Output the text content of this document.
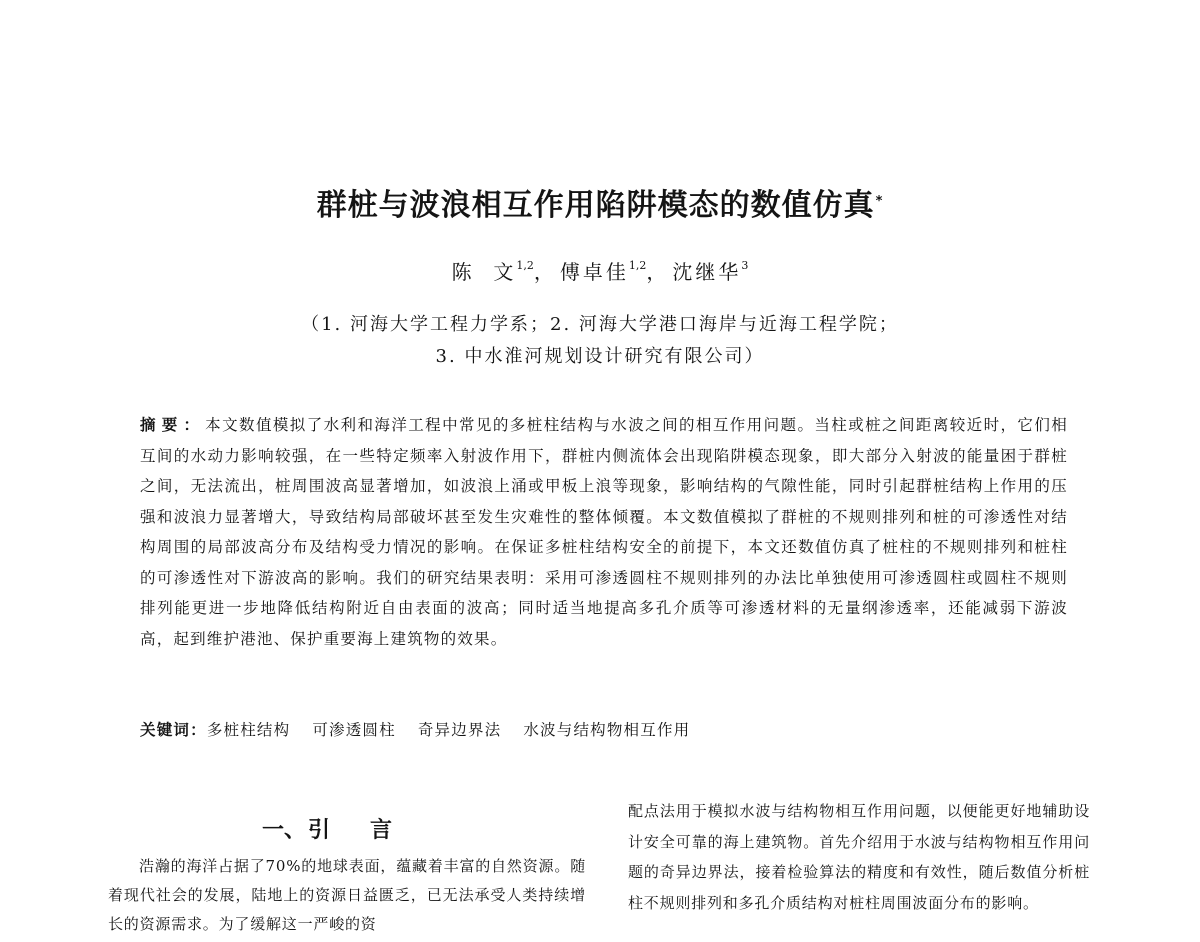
群桩与波浪相互作用陷阱模态的数值仿真*
陈  文$^{1,2}$，傅卓佳$^{1,2}$，沈继华$^3$
（1. 河海大学工程力学系；2. 河海大学港口海岸与近海工程学院；
3. 中水淮河规划设计研究有限公司）
摘要：本文数值模拟了水利和海洋工程中常见的多桩柱结构与水波之间的相互作用问题。当柱或桩之间距离较近时，它们相互间的水动力影响较强，在一些特定频率入射波作用下，群桩内侧流体会出现陷阱模态现象，即大部分入射波的能量困于群桩之间，无法流出，桩周围波高显著增加，如波浪上涌或甲板上浪等现象，影响结构的气隙性能，同时引起群桩结构上作用的压强和波浪力显著增大，导致结构局部破坏甚至发生灾难性的整体倾覆。本文数值模拟了群桩的不规则排列和桩的可渗透性对结构周围的局部波高分布及结构受力情况的影响。在保证多桩柱结构安全的前提下，本文还数值仿真了桩柱的不规则排列和桩柱的可渗透性对下游波高的影响。我们的研究结果表明：采用可渗透圆柱不规则排列的办法比单独使用可渗透圆柱或圆柱不规则排列能更进一步地降低结构附近自由表面的波高；同时适当地提高多孔介质等可渗透材料的无量纲渗透率，还能减弱下游波高，起到维护港池、保护重要海上建筑物的效果。
关键词：多桩柱结构 可渗透圆柱 奇异边界法 水波与结构物相互作用
一、引言
浩瀚的海洋占据了70%的地球表面，蕴藏着丰富的自然资源。随着现代社会的发展，陆地上的资源日益匮乏，已无法承受人类持续增长的资源需求。为了缓解这一严峻的资
配点法用于模拟水波与结构物相互作用问题，以便能更好地辅助设计安全可靠的海上建筑物。首先介绍用于水波与结构物相互作用问题的奇异边界法，接着检验算法的精度和有效性，随后数值分析桩柱不规则排列和多孔介质结构对桩柱周围波面分布的影响。
